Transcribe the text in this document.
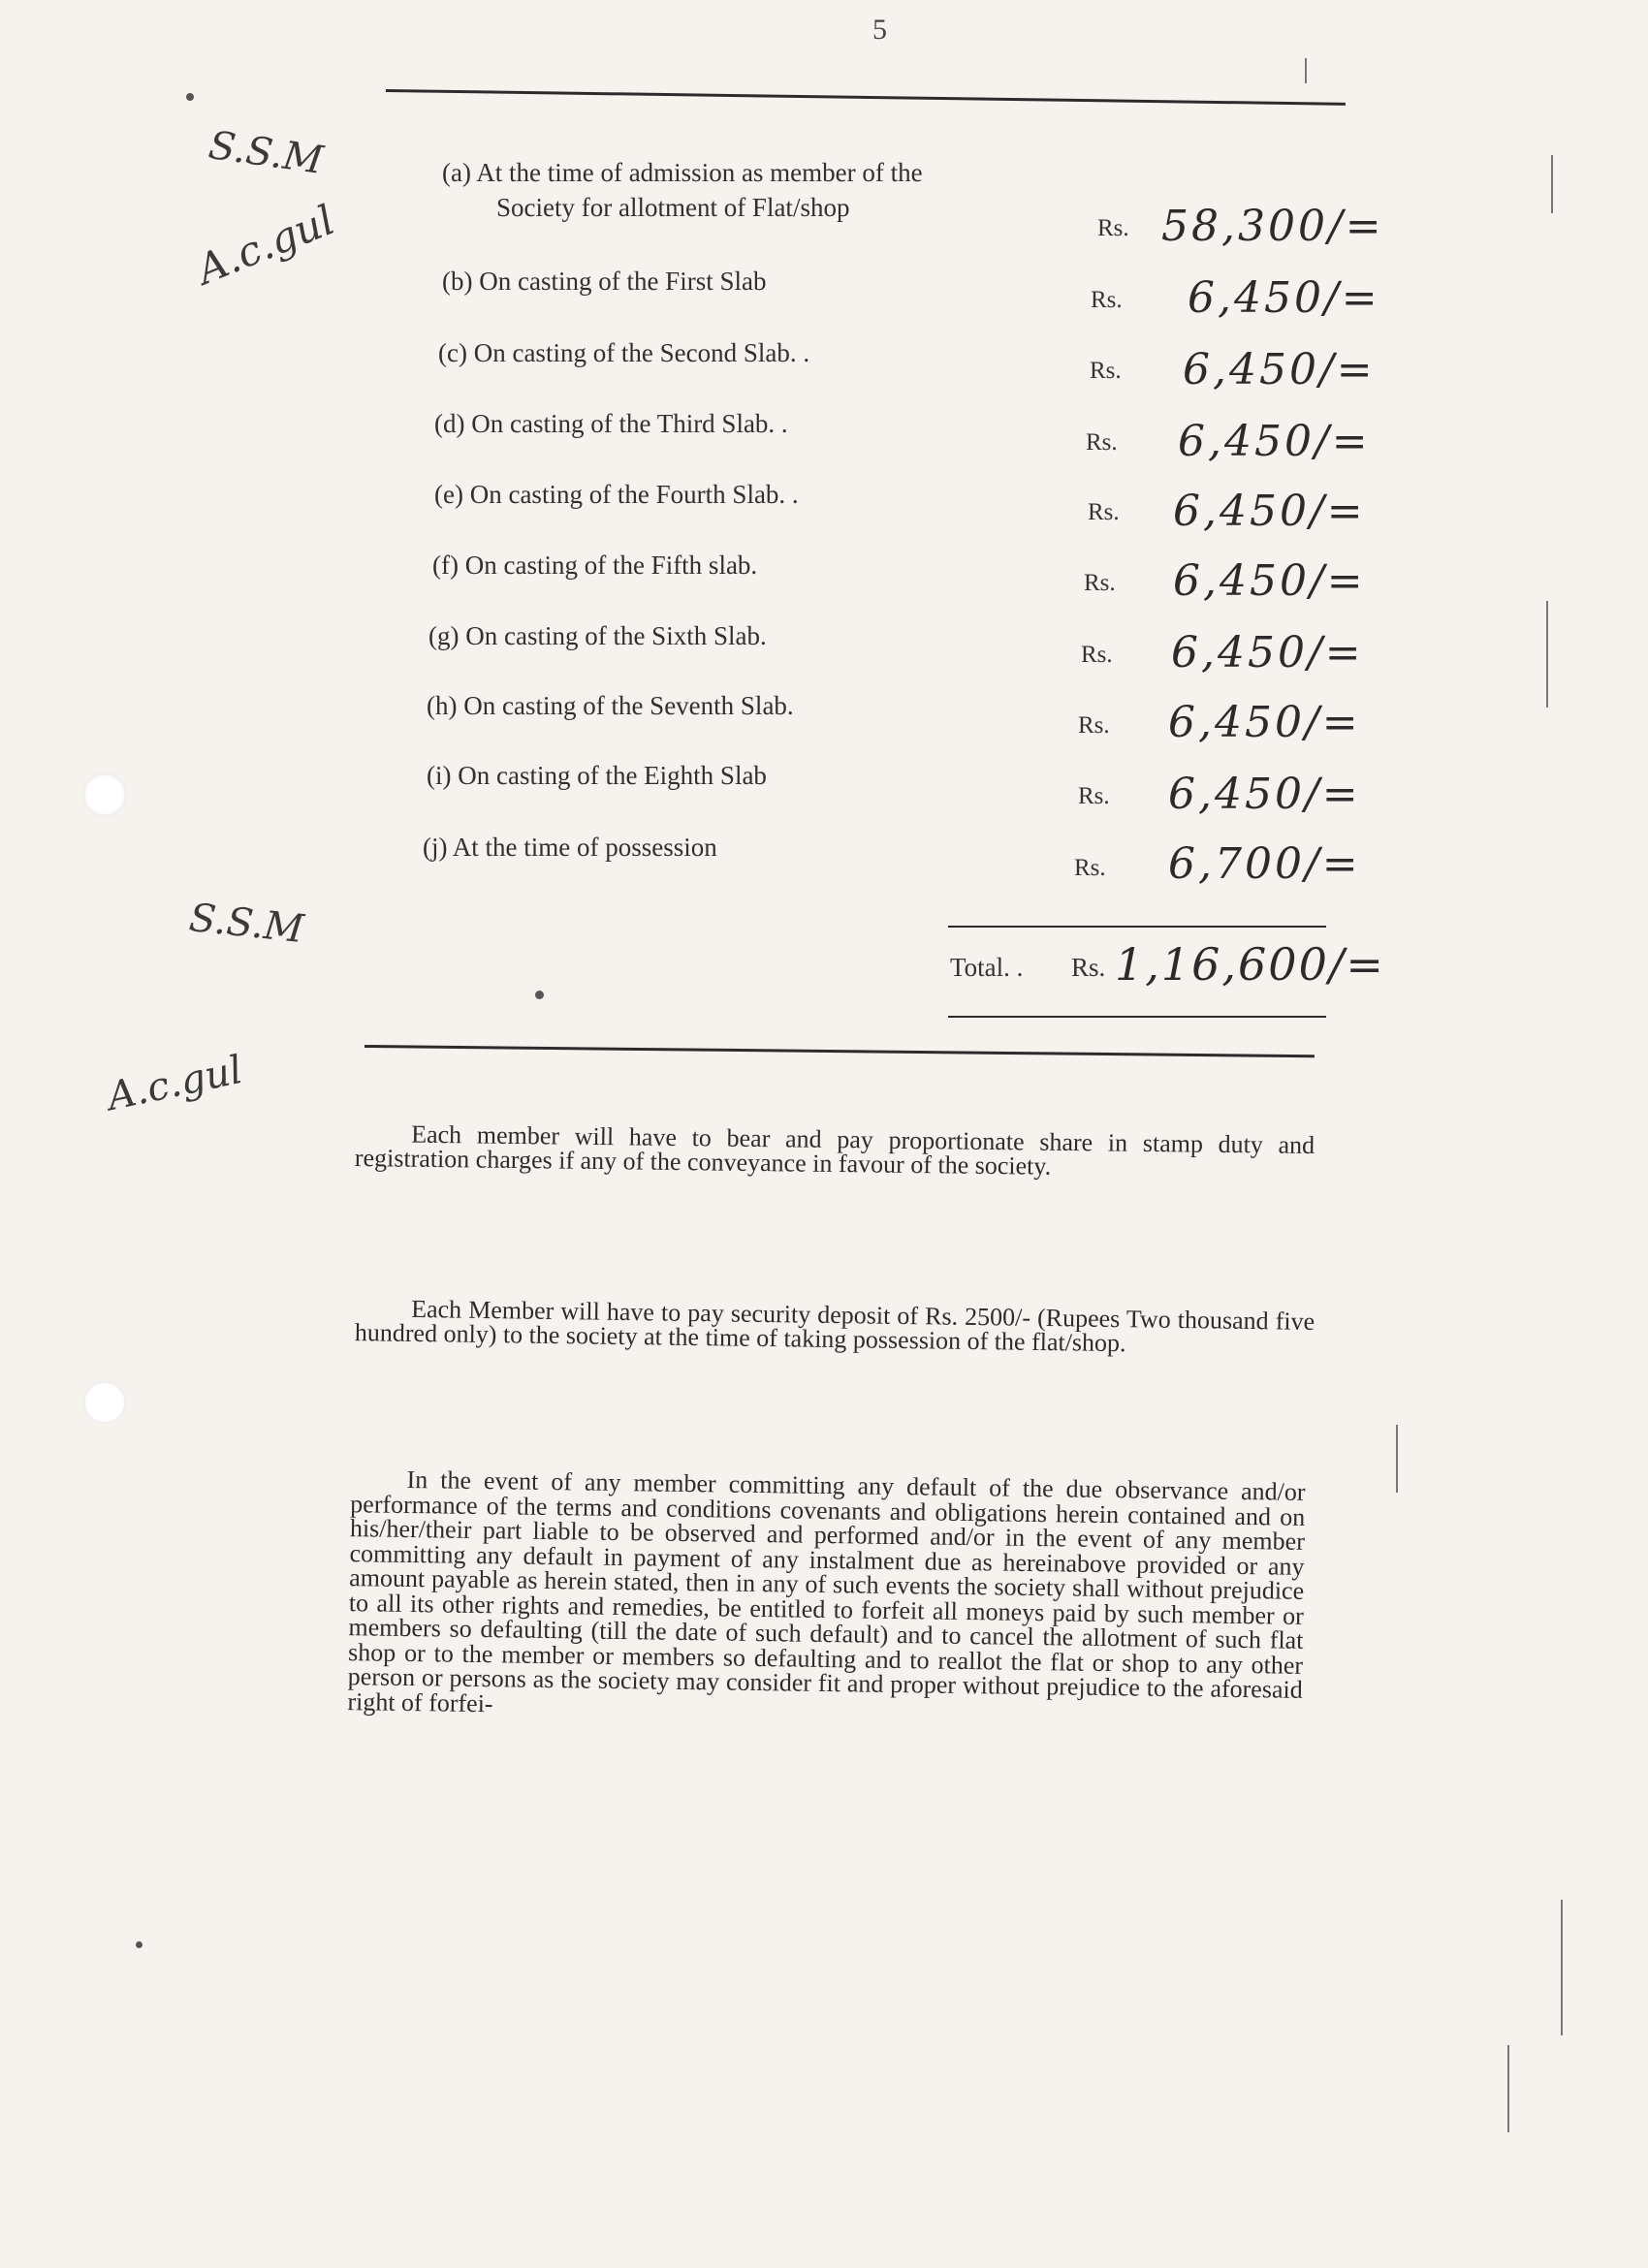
5
S.S.M
A.c.gul
S.S.M
A.c.gul
(a) At the time of admission as member of the
Society for allotment of Flat/shop
Rs. 58,300/=
(b) On casting of the First Slab
Rs. 6,450/=
(c) On casting of the Second Slab. .
Rs. 6,450/=
(d) On casting of the Third Slab. .
Rs. 6,450/=
(e) On casting of the Fourth Slab. .
Rs. 6,450/=
(f) On casting of the Fifth slab.
Rs. 6,450/=
(g) On casting of the Sixth Slab.
Rs. 6,450/=
(h) On casting of the Seventh Slab.
Rs. 6,450/=
(i) On casting of the Eighth Slab
Rs. 6,450/=
(j) At the time of possession
Rs. 6,700/=
Total. . Rs. 1,16,600/=

Each member will have to bear and pay proportionate share in stamp duty and registration charges if any of the conveyance in favour of the society.

Each Member will have to pay security deposit of Rs. 2500/- (Rupees Two thousand five hundred only) to the society at the time of taking possession of the flat/shop.

In the event of any member committing any default of the due observance and/or performance of the terms and conditions covenants and obligations herein contained and on his/her/their part liable to be observed and performed and/or in the event of any member committing any default in payment of any instalment due as hereinabove provided or any amount payable as herein stated, then in any of such events the society shall without prejudice to all its other rights and remedies, be entitled to forfeit all moneys paid by such member or members so defaulting (till the date of such default) and to cancel the allotment of such flat shop or to the member or members so defaulting and to reallot the flat or shop to any other person or persons as the society may consider fit and proper without prejudice to the aforesaid right of forfei-
